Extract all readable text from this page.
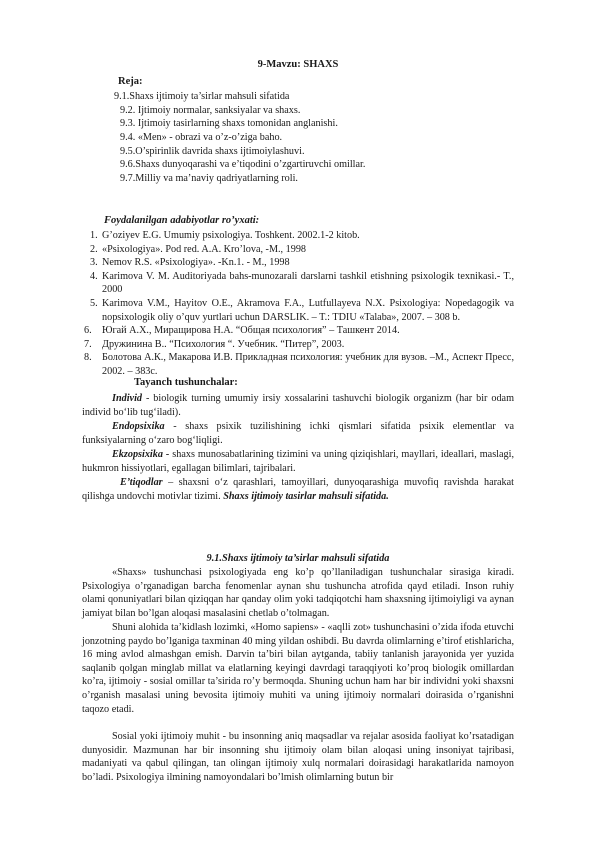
9-Mavzu: SHAXS
Reja:
9.1.Shaxs ijtimoiy ta’sirlar mahsuli sifatida
9.2. Ijtimoiy normalar, sanksiyalar va shaxs.
9.3. Ijtimoiy tasirlarning shaxs tomonidan anglanishi.
9.4. «Men» - obrazi va o’z-o’ziga baho.
9.5.O’spirinlik davrida shaxs ijtimoiylashuvi.
9.6.Shaxs dunyoqarashi va e’tiqodini o’zgartiruvchi omillar.
9.7.Milliy va ma’naviy qadriyatlarning roli.
Foydalanilgan adabiyotlar ro’yxati:
1. G’oziyev E.G. Umumiy psixologiya. Toshkent. 2002.1-2 kitob.
2. «Psixologiya». Pod red. A.A. Kro’lova, -M., 1998
3. Nemov R.S. «Psixologiya». -Kn.1. - M., 1998
4. Karimova V. M. Auditoriyada bahs-munozarali darslarni tashkil etishning psixologik texnikasi.- T., 2000
5. Karimova V.M., Hayitov O.E., Akramova F.A., Lutfullayeva N.X. Psixologiya: Nopedagogik va nopsixologik oliy o’quv yurtlari uchun DARSLIK. – T.: TDIU «Talaba», 2007. – 308 b.
6.	Югай А.Х., Миращирова Н.А. “Общая психология” – Ташкент 2014.
7.	Дружинина В.. “Психология “. Учебник. “Питер”, 2003.
8.	Болотова А.К., Макарова И.В. Прикладная психология: учебник для вузов. –М., Аспект Пресс, 2002. – 383с.
Tayanch tushunchalar:
Individ - biologik turning umumiy irsiy xossalarini tashuvchi biologik organizm (har bir odam individ bo‘lib tug‘iladi).
Endopsixika - shaxs psixik tuzilishining ichki qismlari sifatida psixik elementlar va funksiyalarning o‘zaro bog‘liqligi.
Ekzopsixika - shaxs munosabatlarining tizimini va uning qiziqishlari, mayllari, ideallari, maslagi, hukmron hissiyotlari, egallagan bilimlari, tajribalari.
E’tiqodlar – shaxsni o‘z qarashlari, tamoyillari, dunyoqarashiga muvofiq ravishda harakat qilishga undovchi motivlar tizimi. Shaxs ijtimoiy tasirlar mahsuli sifatida.
9.1.Shaxs ijtimoiy ta’sirlar mahsuli sifatida
«Shaxs» tushunchasi psixologiyada eng ko’p qo’llaniladigan tushunchalar sirasiga kiradi. Psixologiya o’rganadigan barcha fenomenlar aynan shu tushuncha atrofida qayd etiladi. Inson ruhiy olami qonuniyatlari bilan qiziqqan har qanday olim yoki tadqiqotchi ham shaxsning ijtimoiyligi va aynan jamiyat bilan bo’lgan aloqasi masalasini chetlab o’tolmagan.
Shuni alohida ta’kidlash lozimki, «Homo sapiens» - «aqlli zot» tushunchasini o’zida ifoda etuvchi jonzotning paydo bo’lganiga taxminan 40 ming yildan oshibdi. Bu davrda olimlarning e’tirof etishlaricha, 16 ming avlod almashgan emish. Darvin ta’biri bilan aytganda, tabiiy tanlanish jarayonida yer yuzida saqlanib qolgan minglab millat va elatlarning keyingi davrdagi taraqqiyoti ko’proq biologik omillardan ko’ra, ijtimoiy - sosial omillar ta’sirida ro’y bermoqda. Shuning uchun ham har bir individni yoki shaxsni o’rganish masalasi uning bevosita ijtimoiy muhiti va uning ijtimoiy normalari doirasida o’rganishni taqozo etadi.
Sosial yoki ijtimoiy muhit - bu insonning aniq maqsadlar va rejalar asosida faoliyat ko’rsatadigan dunyosidir. Mazmunan har bir insonning shu ijtimoiy olam bilan aloqasi uning insoniyat tajribasi, madaniyati va qabul qilingan, tan olingan ijtimoiy xulq normalari doirasidagi harakatlarida namoyon bo’ladi. Psixologiya ilmining namoyondalari bo’lmish olimlarning butun bir
